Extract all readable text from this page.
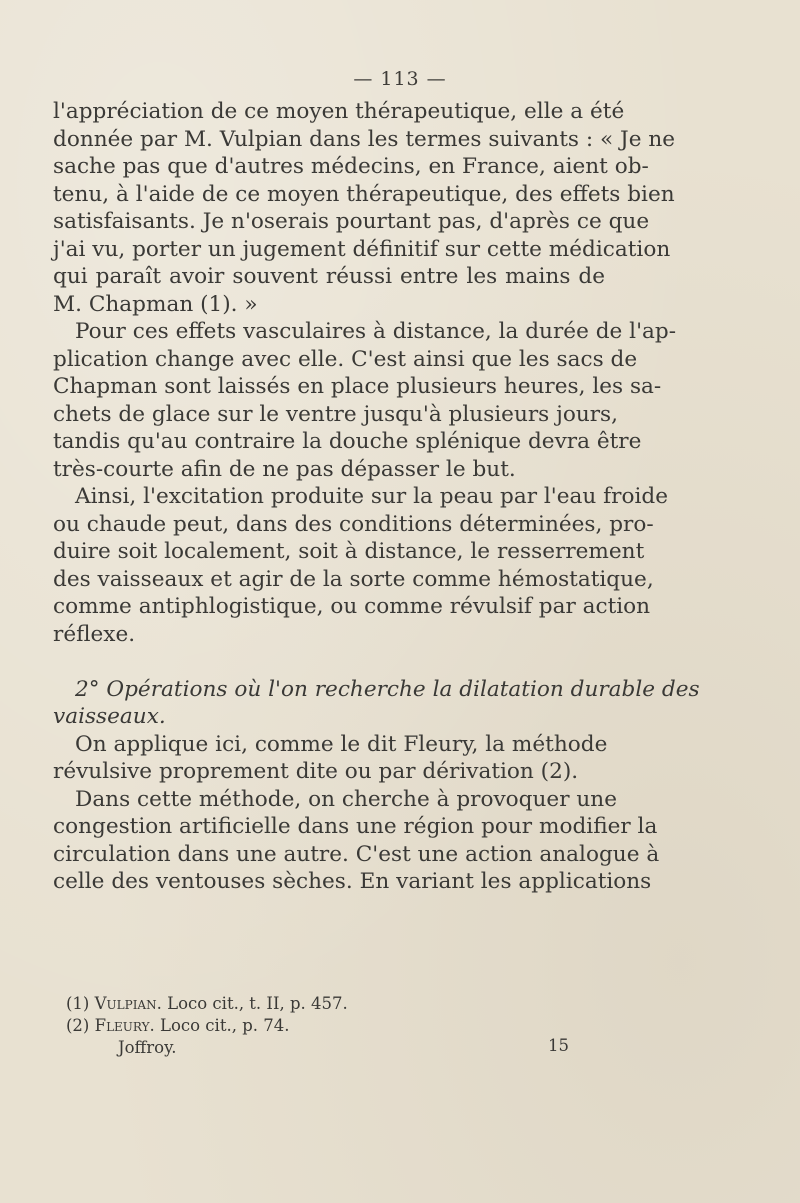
— 113 —
l'appréciation de ce moyen thérapeutique, elle a été
donnée par M. Vulpian dans les termes suivants : « Je ne
sache pas que d'autres médecins, en France, aient ob-
tenu, à l'aide de ce moyen thérapeutique, des effets bien
satisfaisants. Je n'oserais pourtant pas, d'après ce que
j'ai vu, porter un jugement définitif sur cette médication
qui paraît avoir souvent réussi entre les mains de
M. Chapman (1). »
Pour ces effets vasculaires à distance, la durée de l'ap-
plication change avec elle. C'est ainsi que les sacs de
Chapman sont laissés en place plusieurs heures, les sa-
chets de glace sur le ventre jusqu'à plusieurs jours,
tandis qu'au contraire la douche splénique devra être
très-courte afin de ne pas dépasser le but.
Ainsi, l'excitation produite sur la peau par l'eau froide
ou chaude peut, dans des conditions déterminées, pro-
duire soit localement, soit à distance, le resserrement
des vaisseaux et agir de la sorte comme hémostatique,
comme antiphlogistique, ou comme révulsif par action
réflexe.
2° Opérations où l'on recherche la dilatation durable des
vaisseaux.
On applique ici, comme le dit Fleury, la méthode
révulsive proprement dite ou par dérivation (2).
Dans cette méthode, on cherche à provoquer une
congestion artificielle dans une région pour modifier la
circulation dans une autre. C'est une action analogue à
celle des ventouses sèches. En variant les applications
(1) Vulpian. Loco cit., t. II, p. 457.
(2) Fleury. Loco cit., p. 74.
Joffroy.	15
